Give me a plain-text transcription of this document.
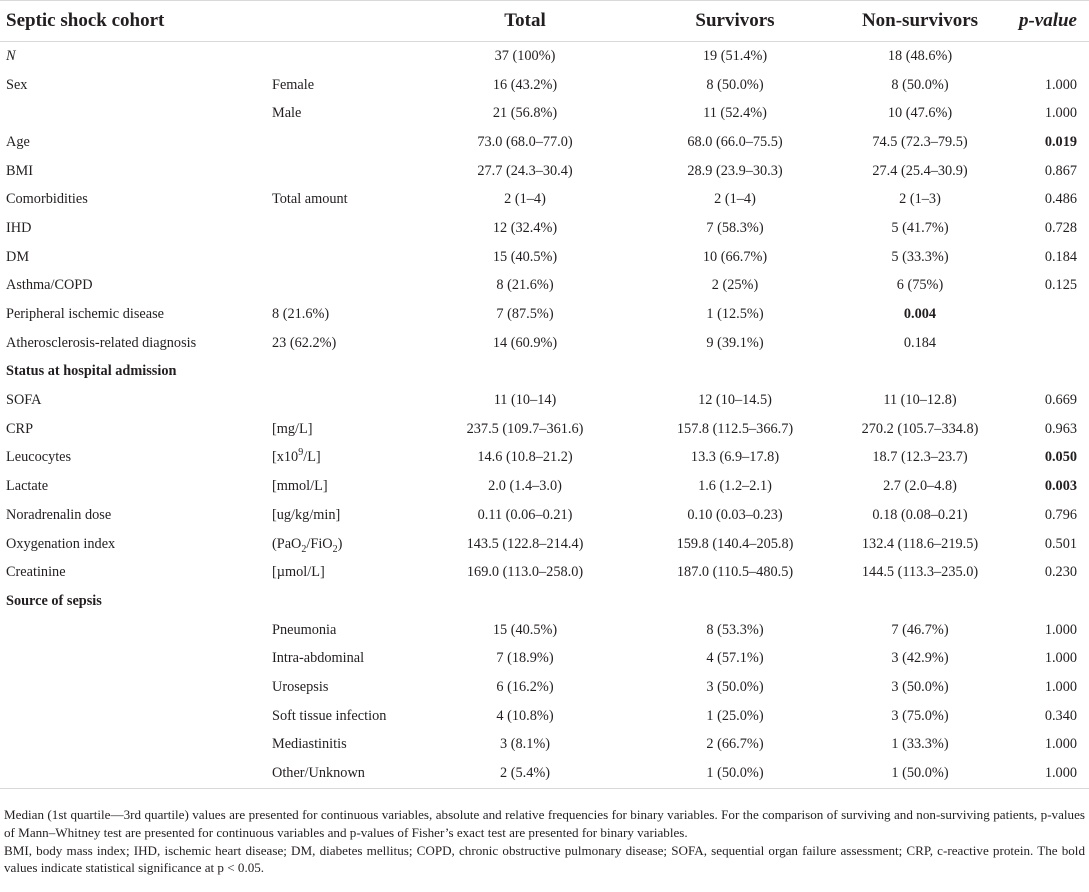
Septic shock cohort		Total	Survivors	Non-survivors	p-value
N		37 (100%)	19 (51.4%)	18 (48.6%)	
Sex	Female	16 (43.2%)	8 (50.0%)	8 (50.0%)	1.000
	Male	21 (56.8%)	11 (52.4%)	10 (47.6%)	1.000
Age		73.0 (68.0–77.0)	68.0 (66.0–75.5)	74.5 (72.3–79.5)	0.019
BMI		27.7 (24.3–30.4)	28.9 (23.9–30.3)	27.4 (25.4–30.9)	0.867
Comorbidities	Total amount	2 (1–4)	2 (1–4)	2 (1–3)	0.486
IHD		12 (32.4%)	7 (58.3%)	5 (41.7%)	0.728
DM		15 (40.5%)	10 (66.7%)	5 (33.3%)	0.184
Asthma/COPD		8 (21.6%)	2 (25%)	6 (75%)	0.125
Peripheral ischemic disease	8 (21.6%)	7 (87.5%)	1 (12.5%)	0.004	
Atherosclerosis-related diagnosis	23 (62.2%)	14 (60.9%)	9 (39.1%)	0.184	
Status at hospital admission					
SOFA		11 (10–14)	12 (10–14.5)	11 (10–12.8)	0.669
CRP	[mg/L]	237.5 (109.7–361.6)	157.8 (112.5–366.7)	270.2 (105.7–334.8)	0.963
Leucocytes	$[x10^9/L]$	14.6 (10.8–21.2)	13.3 (6.9–17.8)	18.7 (12.3–23.7)	0.050
Lactate	[mmol/L]	2.0 (1.4–3.0)	1.6 (1.2–2.1)	2.7 (2.0–4.8)	0.003
Noradrenalin dose	[ug/kg/min]	0.11 (0.06–0.21)	0.10 (0.03–0.23)	0.18 (0.08–0.21)	0.796
Oxygenation index	(PaO$_2$/FiO$_2$)	143.5 (122.8–214.4)	159.8 (140.4–205.8)	132.4 (118.6–219.5)	0.501
Creatinine	[µmol/L]	169.0 (113.0–258.0)	187.0 (110.5–480.5)	144.5 (113.3–235.0)	0.230
Source of sepsis					
	Pneumonia	15 (40.5%)	8 (53.3%)	7 (46.7%)	1.000
	Intra-abdominal	7 (18.9%)	4 (57.1%)	3 (42.9%)	1.000
	Urosepsis	6 (16.2%)	3 (50.0%)	3 (50.0%)	1.000
	Soft tissue infection	4 (10.8%)	1 (25.0%)	3 (75.0%)	0.340
	Mediastinitis	3 (8.1%)	2 (66.7%)	1 (33.3%)	1.000
	Other/Unknown	2 (5.4%)	1 (50.0%)	1 (50.0%)	1.000

Median (1st quartile—3rd quartile) values are presented for continuous variables, absolute and relative frequencies for binary variables. For the comparison of surviving and non-surviving patients, p-values of Mann–Whitney test are presented for continuous variables and p-values of Fisher’s exact test are presented for binary variables.

BMI, body mass index; IHD, ischemic heart disease; DM, diabetes mellitus; COPD, chronic obstructive pulmonary disease; SOFA, sequential organ failure assessment; CRP, c-reactive protein. The bold values indicate statistical significance at p < 0.05.
